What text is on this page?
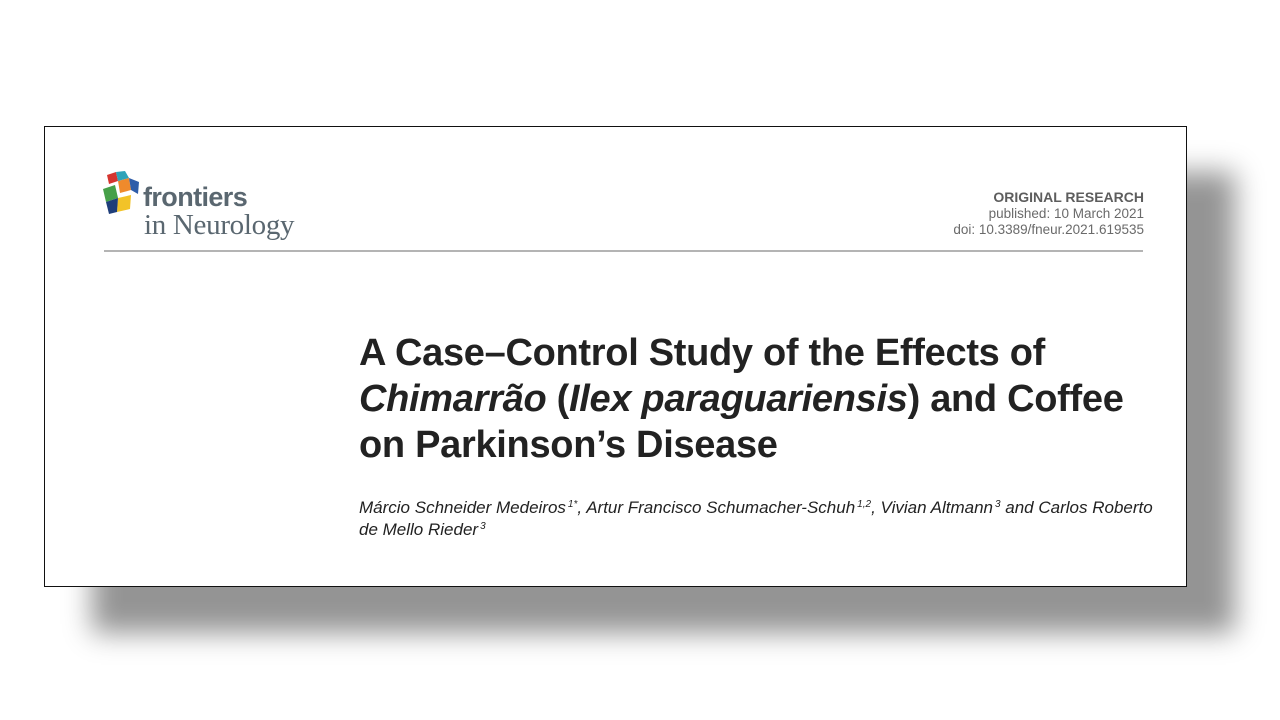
frontiers
in Neurology
ORIGINAL RESEARCH
published: 10 March 2021
doi: 10.3389/fneur.2021.619535
A Case–Control Study of the Effects of Chimarrão (Ilex paraguariensis) and Coffee on Parkinson’s Disease

Márcio Schneider Medeiros $^{1*}$, Artur Francisco Schumacher-Schuh $^{1,2}$, Vivian Altmann $^3$ and Carlos Roberto de Mello Rieder $^3$
